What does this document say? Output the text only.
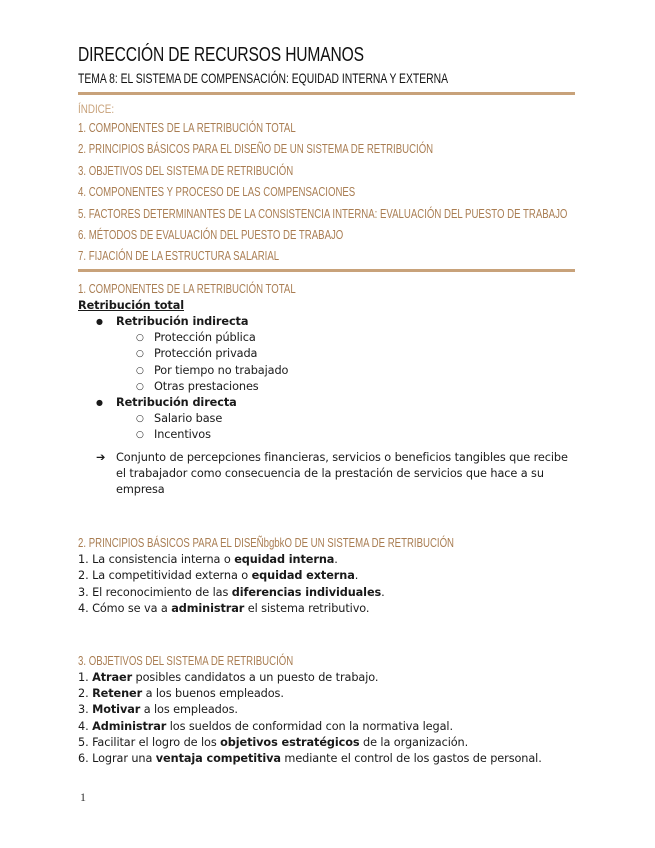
DIRECCIÓN DE RECURSOS HUMANOS
TEMA 8: EL SISTEMA DE COMPENSACIÓN: EQUIDAD INTERNA Y EXTERNA
ÍNDICE:
1. COMPONENTES DE LA RETRIBUCIÓN TOTAL
2. PRINCIPIOS BÁSICOS PARA EL DISEÑO DE UN SISTEMA DE RETRIBUCIÓN
3. OBJETIVOS DEL SISTEMA DE RETRIBUCIÓN
4. COMPONENTES Y PROCESO DE LAS COMPENSACIONES
5. FACTORES DETERMINANTES DE LA CONSISTENCIA INTERNA: EVALUACIÓN DEL PUESTO DE TRABAJO
6. MÉTODOS DE EVALUACIÓN DEL PUESTO DE TRABAJO
7. FIJACIÓN DE LA ESTRUCTURA SALARIAL
1. COMPONENTES DE LA RETRIBUCIÓN TOTAL
Retribución total
● Retribución indirecta
○ Protección pública
○ Protección privada
○ Por tiempo no trabajado
○ Otras prestaciones
● Retribución directa
○ Salario base
○ Incentivos
➔ Conjunto de percepciones financieras, servicios o beneficios tangibles que recibe el trabajador como consecuencia de la prestación de servicios que hace a su empresa
2. PRINCIPIOS BÁSICOS PARA EL DISEÑbgbkO DE UN SISTEMA DE RETRIBUCIÓN
1. La consistencia interna o equidad interna.
2. La competitividad externa o equidad externa.
3. El reconocimiento de las diferencias individuales.
4. Cómo se va a administrar el sistema retributivo.
3. OBJETIVOS DEL SISTEMA DE RETRIBUCIÓN
1. Atraer posibles candidatos a un puesto de trabajo.
2. Retener a los buenos empleados.
3. Motivar a los empleados.
4. Administrar los sueldos de conformidad con la normativa legal.
5. Facilitar el logro de los objetivos estratégicos de la organización.
6. Lograr una ventaja competitiva mediante el control de los gastos de personal.
1
